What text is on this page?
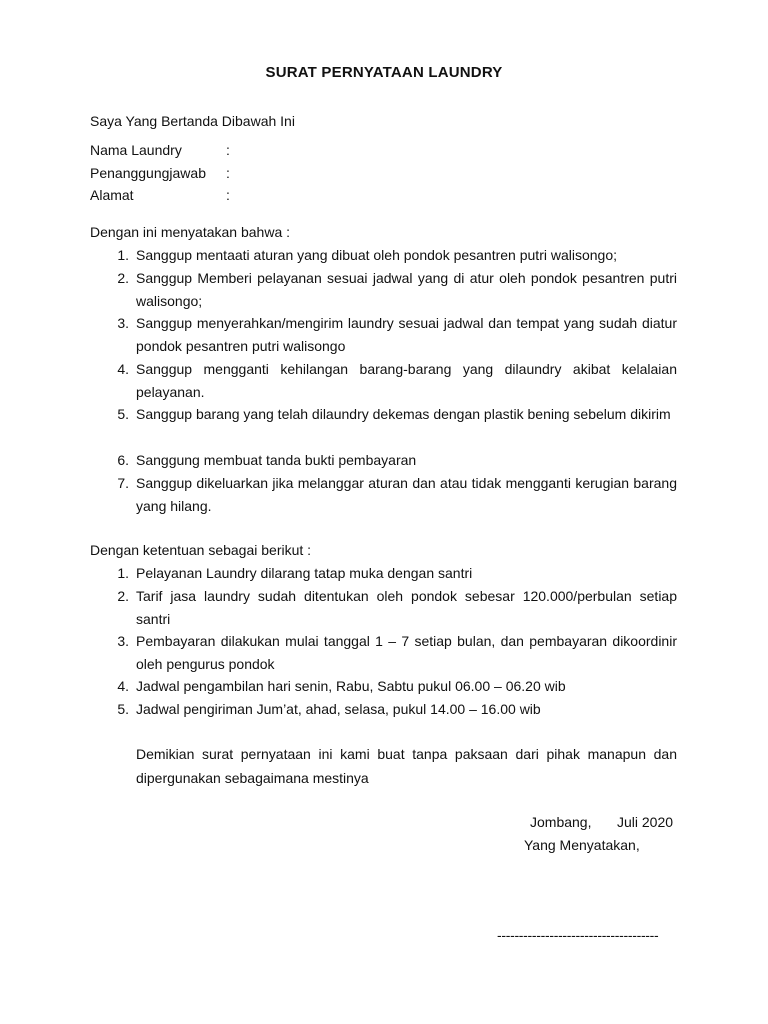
SURAT PERNYATAAN LAUNDRY
Saya Yang Bertanda Dibawah Ini
Nama Laundry	:
Penanggungjawab :
Alamat	:
Dengan ini menyatakan bahwa :
1. Sanggup mentaati aturan yang dibuat oleh pondok pesantren putri walisongo;
2. Sanggup Memberi pelayanan sesuai jadwal yang di atur oleh pondok pesantren putri walisongo;
3. Sanggup menyerahkan/mengirim laundry sesuai jadwal dan tempat yang sudah diatur pondok pesantren putri walisongo
4. Sanggup mengganti kehilangan barang-barang yang dilaundry akibat kelalaian pelayanan.
5. Sanggup barang yang telah dilaundry dekemas dengan plastik bening sebelum dikirim
6. Sanggung membuat tanda bukti pembayaran
7. Sanggup dikeluarkan jika melanggar aturan dan atau tidak mengganti kerugian barang yang hilang.
Dengan ketentuan sebagai berikut :
1. Pelayanan Laundry dilarang tatap muka dengan santri
2. Tarif jasa laundry sudah ditentukan oleh pondok sebesar 120.000/perbulan setiap santri
3. Pembayaran dilakukan mulai tanggal 1 – 7 setiap bulan, dan pembayaran dikoordinir oleh pengurus pondok
4. Jadwal pengambilan hari senin, Rabu, Sabtu pukul 06.00 – 06.20 wib
5. Jadwal pengiriman Jum’at, ahad, selasa, pukul 14.00 – 16.00 wib
Demikian surat pernyataan ini kami buat tanpa paksaan dari pihak manapun dan dipergunakan sebagaimana mestinya
Jombang, Juli 2020
Yang Menyatakan,
-------------------------------------
